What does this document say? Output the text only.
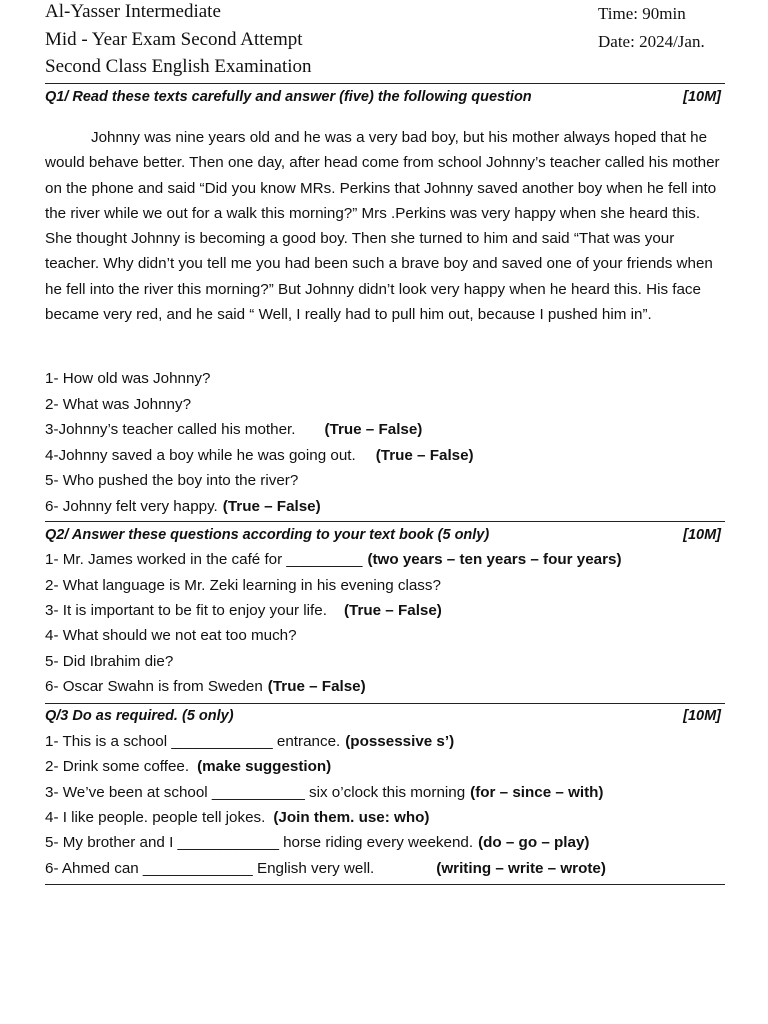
Al-Yasser Intermediate
Mid - Year Exam Second Attempt
Second Class English Examination
Time: 90min
Date: 2024/Jan.
Q1/ Read these texts carefully and answer (five) the following question	[10M]
Johnny was nine years old and he was a very bad boy, but his mother always hoped that he would behave better. Then one day, after head come from school Johnny’s teacher called his mother on the phone and said “Did you know MRs. Perkins that Johnny saved another boy when he fell into the river while we out for a walk this morning?” Mrs .Perkins was very happy when she heard this. She thought Johnny is becoming a good boy. Then she turned to him and said “That was your teacher. Why didn’t you tell me you had been such a brave boy and saved one of your friends when he fell into the river this morning?” But Johnny didn’t look very happy when he heard this. His face became very red, and he said “ Well, I really had to pull him out, because I pushed him in”.
1- How old was Johnny?
2- What was Johnny?
3-Johnny’s teacher called his mother. (True – False)
4-Johnny saved a boy while he was going out. (True – False)
5- Who pushed the boy into the river?
6- Johnny felt very happy. (True – False)
Q2/ Answer these questions according to your text book (5 only)	[10M]
1- Mr. James worked in the café for _________ (two years – ten years – four years)
2- What language is Mr. Zeki learning in his evening class?
3- It is important to be fit to enjoy your life. (True – False)
4- What should we not eat too much?
5- Did Ibrahim die?
6- Oscar Swahn is from Sweden (True – False)
Q/3 Do as required. (5 only)	[10M]
1- This is a school ____________ entrance. (possessive s’)
2- Drink some coffee. (make suggestion)
3- We’ve been at school ___________ six o’clock this morning (for – since – with)
4- I like people. people tell jokes. (Join them. use: who)
5- My brother and I ____________ horse riding every weekend. (do – go – play)
6- Ahmed can _____________ English very well.	(writing – write – wrote)
